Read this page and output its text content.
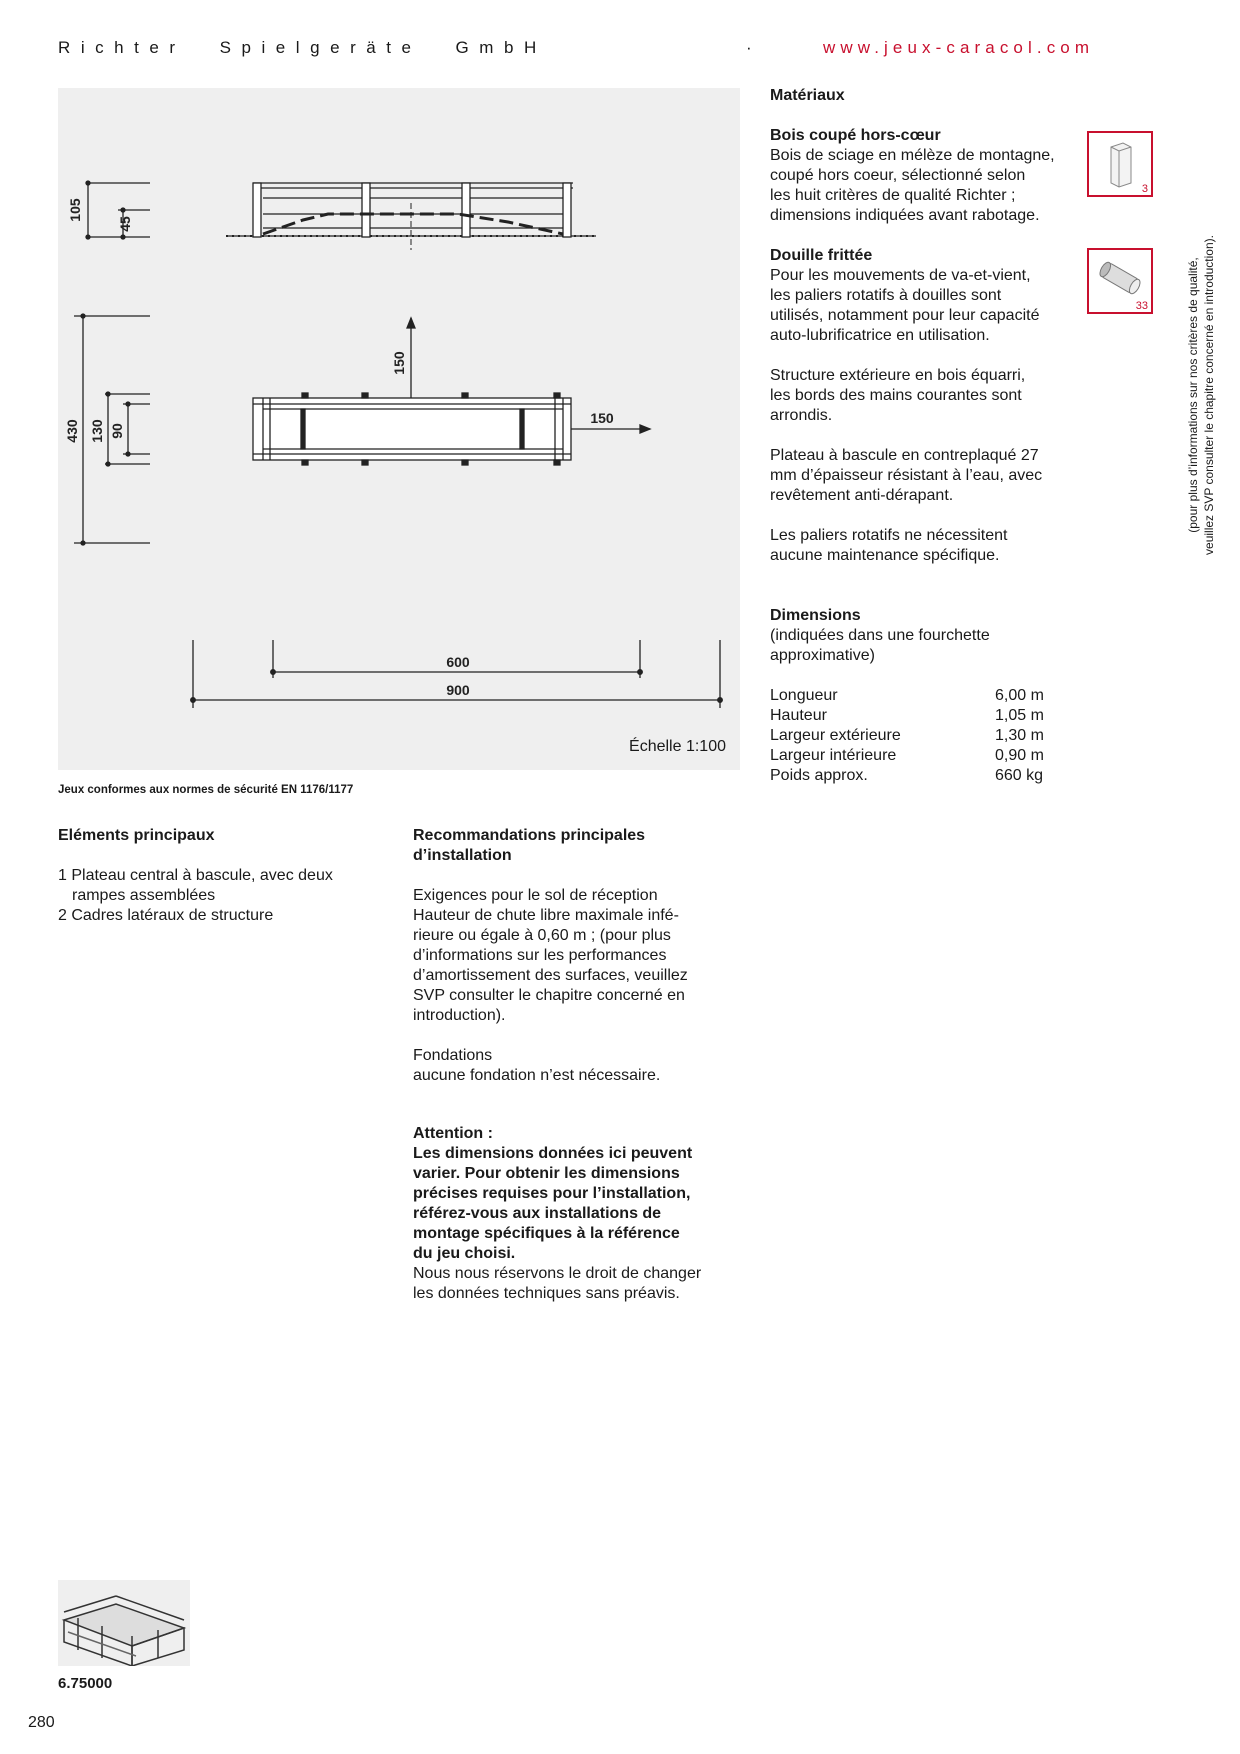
Richter Spielgeräte GmbH	·	www.jeux-caracol.com
105
45
150
150
430 130 90
600
900
Échelle 1:100
Jeux conformes aux normes de sécurité EN 1176/1177

Eléments principaux

1 Plateau central à bascule, avec deux

rampes assemblées

2 Cadres latéraux de structure

Recommandations principales

d’installation

Exigences pour le sol de réception

Hauteur de chute libre maximale infé-

rieure ou égale à 0,60 m ; (pour plus

d’informations sur les performances

d’amortissement des surfaces, veuillez

SVP consulter le chapitre concerné en

introduction).

Fondations

aucune fondation n’est nécessaire.

Attention :

Les dimensions données ici peuvent

varier. Pour obtenir les dimensions

précises requises pour l’installation,

référez-vous aux installations de

montage spécifiques à la référence

du jeu choisi.

Nous nous réservons le droit de changer

les données techniques sans préavis.

Matériaux

Bois coupé hors-cœur

Bois de sciage en mélèze de montagne,

coupé hors coeur, sélectionné selon

les huit critères de qualité Richter ;

dimensions indiquées avant rabotage.

Douille frittée

Pour les mouvements de va-et-vient,

les paliers rotatifs à douilles sont

utilisés, notamment pour leur capacité

auto-lubrificatrice en utilisation.

Structure extérieure en bois équarri,

les bords des mains courantes sont

arrondis.

Plateau à bascule en contreplaqué 27

mm d’épaisseur résistant à l’eau, avec

revêtement anti-dérapant.

Les paliers rotatifs ne nécessitent

aucune maintenance spécifique.

Dimensions

(indiquées dans une fourchette

approximative)

Longueur	6,00 m
Hauteur	1,05 m
Largeur extérieure	1,30 m
Largeur intérieure	0,90 m
Poids approx.	660 kg
3
33	(pour plus d’informations sur nos critères de qualité, veuillez SVP consulter le chapitre concerné en introduction).
6.75000
280
